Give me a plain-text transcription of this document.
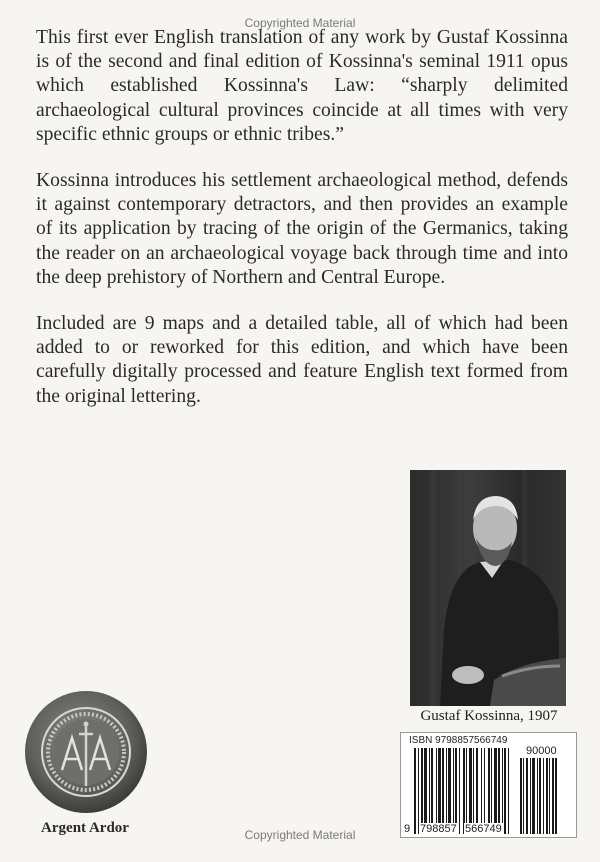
Copyrighted Material

This first ever English translation of any work by Gustaf Kossinna is of the second and final edition of Kossinna's seminal 1911 opus which established Kossinna's Law: “sharply delimited archaeological cultural provinces coincide at all times with very specific ethnic groups or ethnic tribes.”

Kossinna introduces his settlement archaeological method, defends it against contemporary detractors, and then provides an example of its application by tracing of the origin of the Germanics, taking the reader on an archaeological voyage back through time and into the deep prehistory of Northern and Central Europe.

Included are 9 maps and a detailed table, all of which had been added to or reworked for this edition, and which have been carefully digitally processed and feature English text formed from the original lettering.

Gustaf Kossinna, 1907
ISBN 9798857566749
90000
9 798857 566749
Argent Ardor	Copyrighted Material
